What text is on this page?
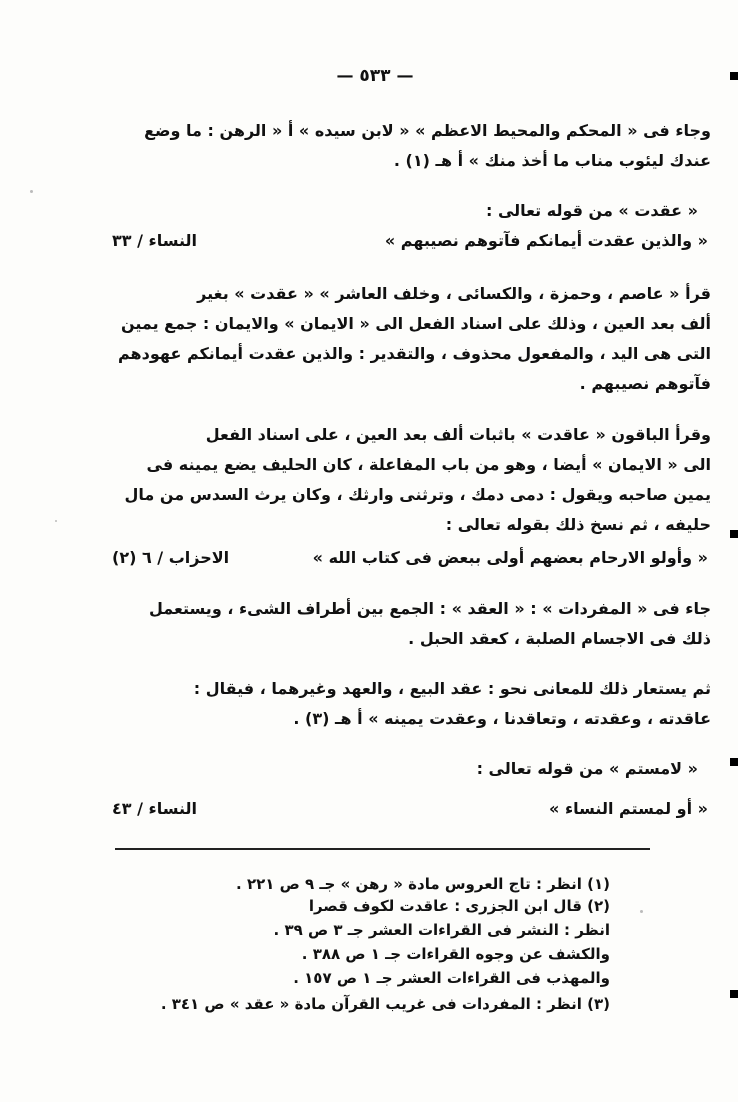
— ٥٣٣ —
وجاء فى « المحكم والمحيط الاعظم » « لابن سيده » أ « الرهن : ما وضع
عندك ليئوب مناب ما أخذ منك » أ هـ (١) .
« عقدت » من قوله تعالى :
« والذين عقدت أيمانكم فآتوهم نصيبهم »
النساء / ٣٣
قرأ « عاصم ، وحمزة ، والكسائى ، وخلف العاشر » « عقدت » بغير
ألف بعد العين ، وذلك على اسناد الفعل الى « الايمان » والايمان : جمع يمين
التى هى اليد ، والمفعول محذوف ، والتقدير : والذين عقدت أيمانكم عهودهم
فآتوهم نصيبهم .
وقرأ الباقون « عاقدت » باثبات ألف بعد العين ، على اسناد الفعل
الى « الايمان » أيضا ، وهو من باب المفاعلة ، كان الحليف يضع يمينه فى
يمين صاحبه ويقول : دمى دمك ، وترثنى وارثك ، وكان يرث السدس من مال
حليفه ، ثم نسخ ذلك بقوله تعالى :
« وأولو الارحام بعضهم أولى ببعض فى كتاب الله »
الاحزاب / ٦ (٢)
جاء فى « المفردات » : « العقد » : الجمع بين أطراف الشىء ، ويستعمل
ذلك فى الاجسام الصلبة ، كعقد الحبل .
ثم يستعار ذلك للمعانى نحو : عقد البيع ، والعهد وغيرهما ، فيقال :
عاقدته ، وعقدته ، وتعاقدنا ، وعقدت يمينه » أ هـ (٣) .
« لامستم » من قوله تعالى :
« أو لمستم النساء »
النساء / ٤٣
(١) انظر : تاج العروس مادة « رهن » جـ ٩ ص ٢٢١ .
(٢) قال ابن الجزرى : عاقدت لكوف قصرا
انظر : النشر فى القراءات العشر جـ ٣ ص ٣٩ .
والكشف عن وجوه القراءات جـ ١ ص ٣٨٨ .
والمهذب فى القراءات العشر جـ ١ ص ١٥٧ .
(٣) انظر : المفردات فى غريب القرآن مادة « عقد » ص ٣٤١ .
